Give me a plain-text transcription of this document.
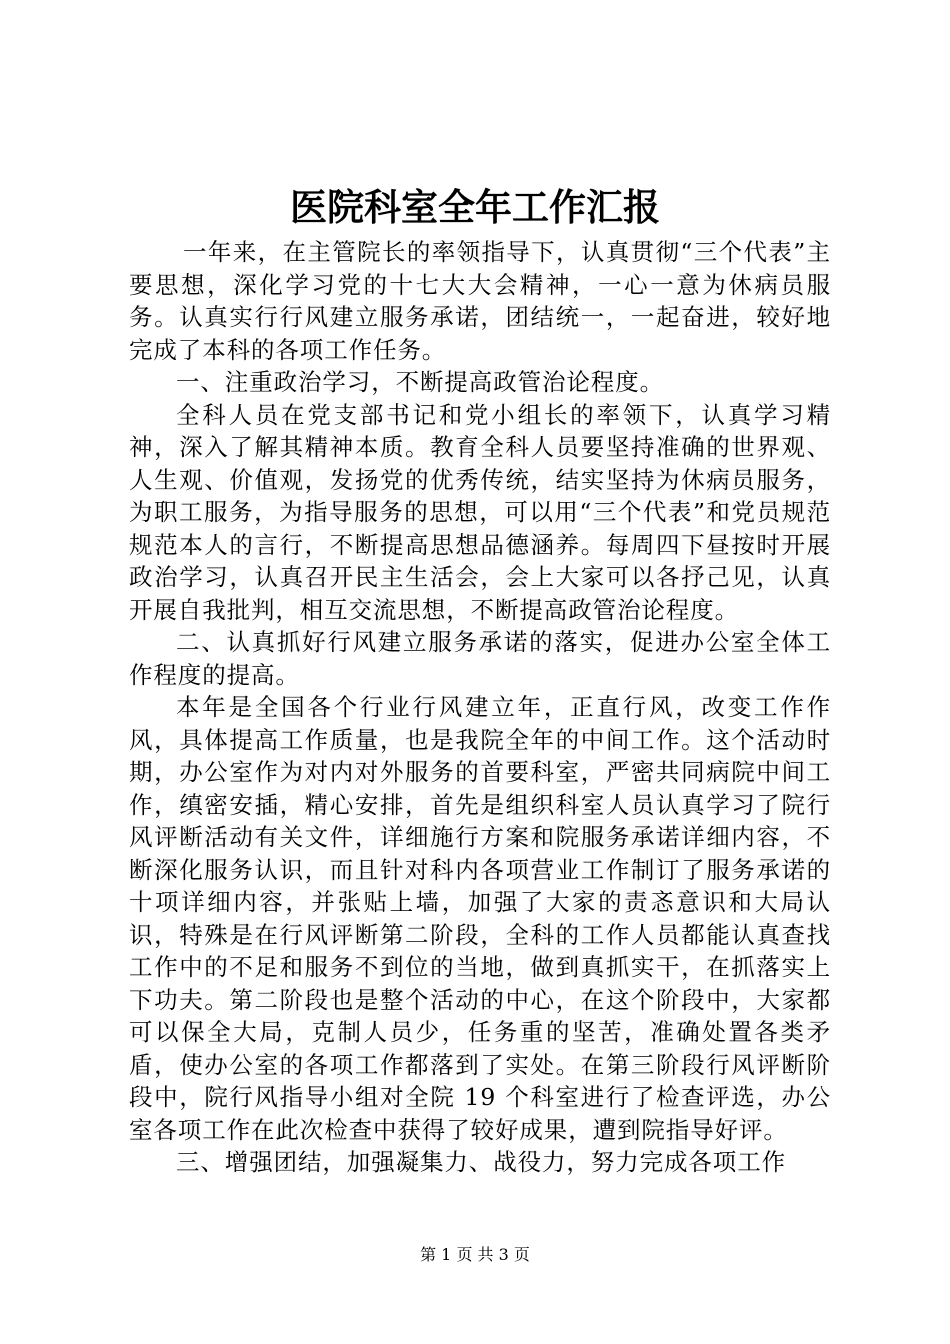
医院科室全年工作汇报

一年来，在主管院长的率领指导下，认真贯彻“三个代表”主要思想，深化学习党的十七大大会精神，一心一意为休病员服务。认真实行行风建立服务承诺，团结统一，一起奋进，较好地完成了本科的各项工作任务。

一、注重政治学习，不断提高政管治论程度。

全科人员在党支部书记和党小组长的率领下，认真学习精神，深入了解其精神本质。教育全科人员要坚持准确的世界观、人生观、价值观，发扬党的优秀传统，结实坚持为休病员服务，为职工服务，为指导服务的思想，可以用“三个代表”和党员规范规范本人的言行，不断提高思想品德涵养。每周四下昼按时开展政治学习，认真召开民主生活会，会上大家可以各抒己见，认真开展自我批判，相互交流思想，不断提高政管治论程度。

二、认真抓好行风建立服务承诺的落实，促进办公室全体工作程度的提高。

本年是全国各个行业行风建立年，正直行风，改变工作作风，具体提高工作质量，也是我院全年的中间工作。这个活动时期，办公室作为对内对外服务的首要科室，严密共同病院中间工作，缜密安插，精心安排，首先是组织科室人员认真学习了院行风评断活动有关文件，详细施行方案和院服务承诺详细内容，不断深化服务认识，而且针对科内各项营业工作制订了服务承诺的十项详细内容，并张贴上墙，加强了大家的责忞意识和大局认识，特殊是在行风评断第二阶段，全科的工作人员都能认真查找工作中的不足和服务不到位的当地，做到真抓实干，在抓落实上下功夫。第二阶段也是整个活动的中心，在这个阶段中，大家都可以保全大局，克制人员少，任务重的坚苦，准确处置各类矛盾，使办公室的各项工作都落到了实处。在第三阶段行风评断阶段中，院行风指导小组对全院 19 个科室进行了检查评选，办公室各项工作在此次检查中获得了较好成果，遭到院指导好评。

三、增强团结，加强凝集力、战役力，努力完成各项工作

第 1 页 共 3 页
